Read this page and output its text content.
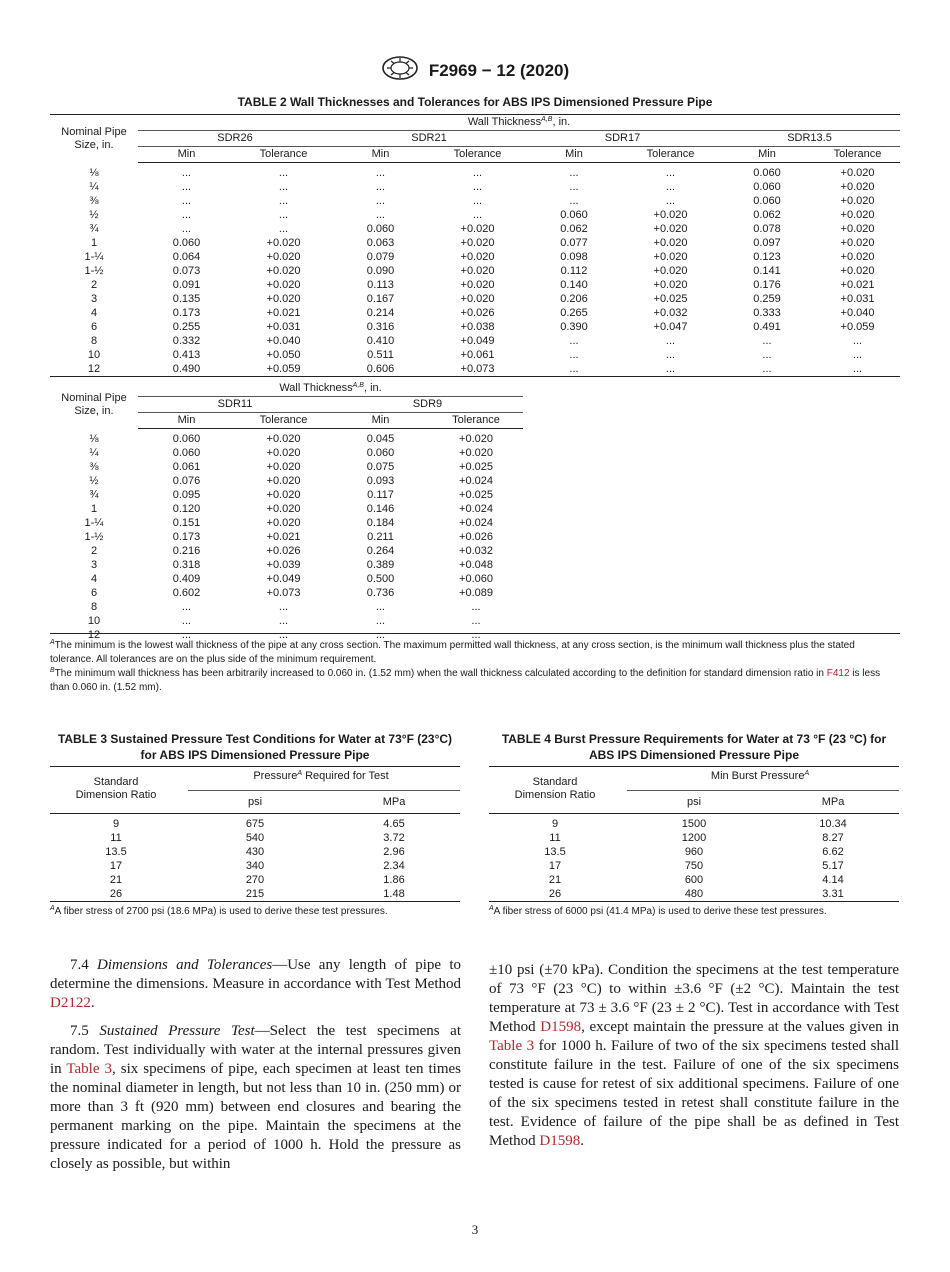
F2969 − 12 (2020)
TABLE 2 Wall Thicknesses and Tolerances for ABS IPS Dimensioned Pressure Pipe
Nominal Pipe Size, in.	Wall Thickness$^{A,B}$, in.							
	SDR26		SDR21		SDR17		SDR13.5	
	Min	Tolerance	Min	Tolerance	Min	Tolerance	Min	Tolerance
⅛	...	...	...	...	...	...	0.060	+0.020
¼	...	...	...	...	...	...	0.060	+0.020
⅜	...	...	...	...	...	...	0.060	+0.020
½	...	...	...	...	0.060	+0.020	0.062	+0.020
¾	...	...	0.060	+0.020	0.062	+0.020	0.078	+0.020
1	0.060	+0.020	0.063	+0.020	0.077	+0.020	0.097	+0.020
1-¼	0.064	+0.020	0.079	+0.020	0.098	+0.020	0.123	+0.020
1-½	0.073	+0.020	0.090	+0.020	0.112	+0.020	0.141	+0.020
2	0.091	+0.020	0.113	+0.020	0.140	+0.020	0.176	+0.021
3	0.135	+0.020	0.167	+0.020	0.206	+0.025	0.259	+0.031
4	0.173	+0.021	0.214	+0.026	0.265	+0.032	0.333	+0.040
6	0.255	+0.031	0.316	+0.038	0.390	+0.047	0.491	+0.059
8	0.332	+0.040	0.410	+0.049	...	...	...	...
10	0.413	+0.050	0.511	+0.061	...	...	...	...
12	0.490	+0.059	0.606	+0.073	...	...	...	...
Nominal Pipe Size, in.	Wall Thickness$^{A,B}$, in.			
	SDR11		SDR9	
	Min	Tolerance	Min	Tolerance
⅛	0.060	+0.020	0.045	+0.020
¼	0.060	+0.020	0.060	+0.020
⅜	0.061	+0.020	0.075	+0.025
½	0.076	+0.020	0.093	+0.024
¾	0.095	+0.020	0.117	+0.025
1	0.120	+0.020	0.146	+0.024
1-¼	0.151	+0.020	0.184	+0.024
1-½	0.173	+0.021	0.211	+0.026
2	0.216	+0.026	0.264	+0.032
3	0.318	+0.039	0.389	+0.048
4	0.409	+0.049	0.500	+0.060
6	0.602	+0.073	0.736	+0.089
8	...	...	...	...
10	...	...	...	...
12	...	...	...	...
$^A$The minimum is the lowest wall thickness of the pipe at any cross section. The maximum permitted wall thickness, at any cross section, is the minimum wall thickness plus the stated tolerance. All tolerances are on the plus side of the minimum requirement.
$^B$The minimum wall thickness has been arbitrarily increased to 0.060 in. (1.52 mm) when the wall thickness calculated according to the definition for standard dimension ratio in F412 is less than 0.060 in. (1.52 mm).
TABLE 3 Sustained Pressure Test Conditions for Water at 73°F (23°C) for ABS IPS Dimensioned Pressure Pipe
Standard Dimension Ratio	Pressure$^A$ Required for Test	

	psi	MPa
9	675	4.65
11	540	3.72
13.5	430	2.96
17	340	2.34
21	270	1.86
26	215	1.48
$^A$A fiber stress of 2700 psi (18.6 MPa) is used to derive these test pressures.
TABLE 4 Burst Pressure Requirements for Water at 73 °F (23 °C) for ABS IPS Dimensioned Pressure Pipe
Standard Dimension Ratio	Min Burst Pressure$^A$

	psi	MPa
9	1500	10.34
11	1200	8.27
13.5	960	6.62
17	750	5.17
21	600	4.14
26	480	3.31
$^A$A fiber stress of 6000 psi (41.4 MPa) is used to derive these test pressures.

7.4 Dimensions and Tolerances—Use any length of pipe to determine the dimensions. Measure in accordance with Test Method D2122.

7.5 Sustained Pressure Test—Select the test specimens at random. Test individually with water at the internal pressures given in Table 3, six specimens of pipe, each specimen at least ten times the nominal diameter in length, but not less than 10 in. (250 mm) or more than 3 ft (920 mm) between end closures and bearing the permanent marking on the pipe. Maintain the specimens at the pressure indicated for a period of 1000 h. Hold the pressure as closely as possible, but within

±10 psi (±70 kPa). Condition the specimens at the test temperature of 73 °F (23 °C) to within ±3.6 °F (±2 °C). Maintain the test temperature at 73 ± 3.6 °F (23 ± 2 °C). Test in accordance with Test Method D1598, except maintain the pressure at the values given in Table 3 for 1000 h. Failure of two of the six specimens tested shall constitute failure in the test. Failure of one of the six specimens tested is cause for retest of six additional specimens. Failure of one of the six specimens tested in retest shall constitute failure in the test. Evidence of failure of the pipe shall be as defined in Test Method D1598.

3
